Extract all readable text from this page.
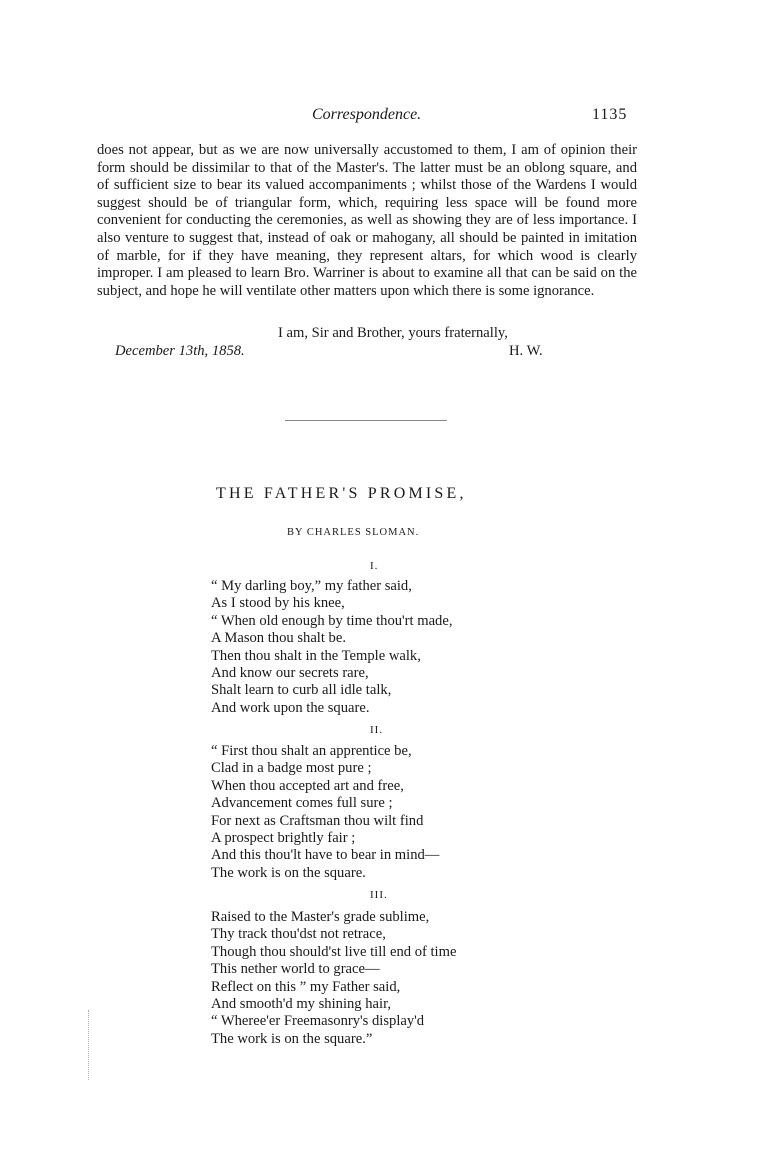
Correspondence.	1135

does not appear, but as we are now universally accustomed to them, I am of opinion their form should be dissimilar to that of the Master's. The latter must be an oblong square, and of sufficient size to bear its valued accompaniments ; whilst those of the Wardens I would suggest should be of triangular form, which, requiring less space will be found more convenient for conducting the ceremonies, as well as showing they are of less importance. I also venture to suggest that, instead of oak or mahogany, all should be painted in imitation of marble, for if they have meaning, they represent altars, for which wood is clearly improper. I am pleased to learn Bro. Warriner is about to examine all that can be said on the subject, and hope he will ventilate other matters upon which there is some ignorance.

I am, Sir and Brother, yours fraternally,
December 13th, 1858.	H. W.
THE FATHER'S PROMISE,
BY CHARLES SLOMAN.
I.
“ My darling boy,” my father said,
As I stood by his knee,
“ When old enough by time thou'rt made,
A Mason thou shalt be.
Then thou shalt in the Temple walk,
And know our secrets rare,
Shalt learn to curb all idle talk,
And work upon the square.
II.
“ First thou shalt an apprentice be,
Clad in a badge most pure ;
When thou accepted art and free,
Advancement comes full sure ;
For next as Craftsman thou wilt find
A prospect brightly fair ;
And this thou'lt have to bear in mind—
The work is on the square.
III.
Raised to the Master's grade sublime,
Thy track thou'dst not retrace,
Though thou should'st live till end of time
This nether world to grace—
Reflect on this ” my Father said,
And smooth'd my shining hair,
“ Wheree'er Freemasonry's display'd
The work is on the square.”
